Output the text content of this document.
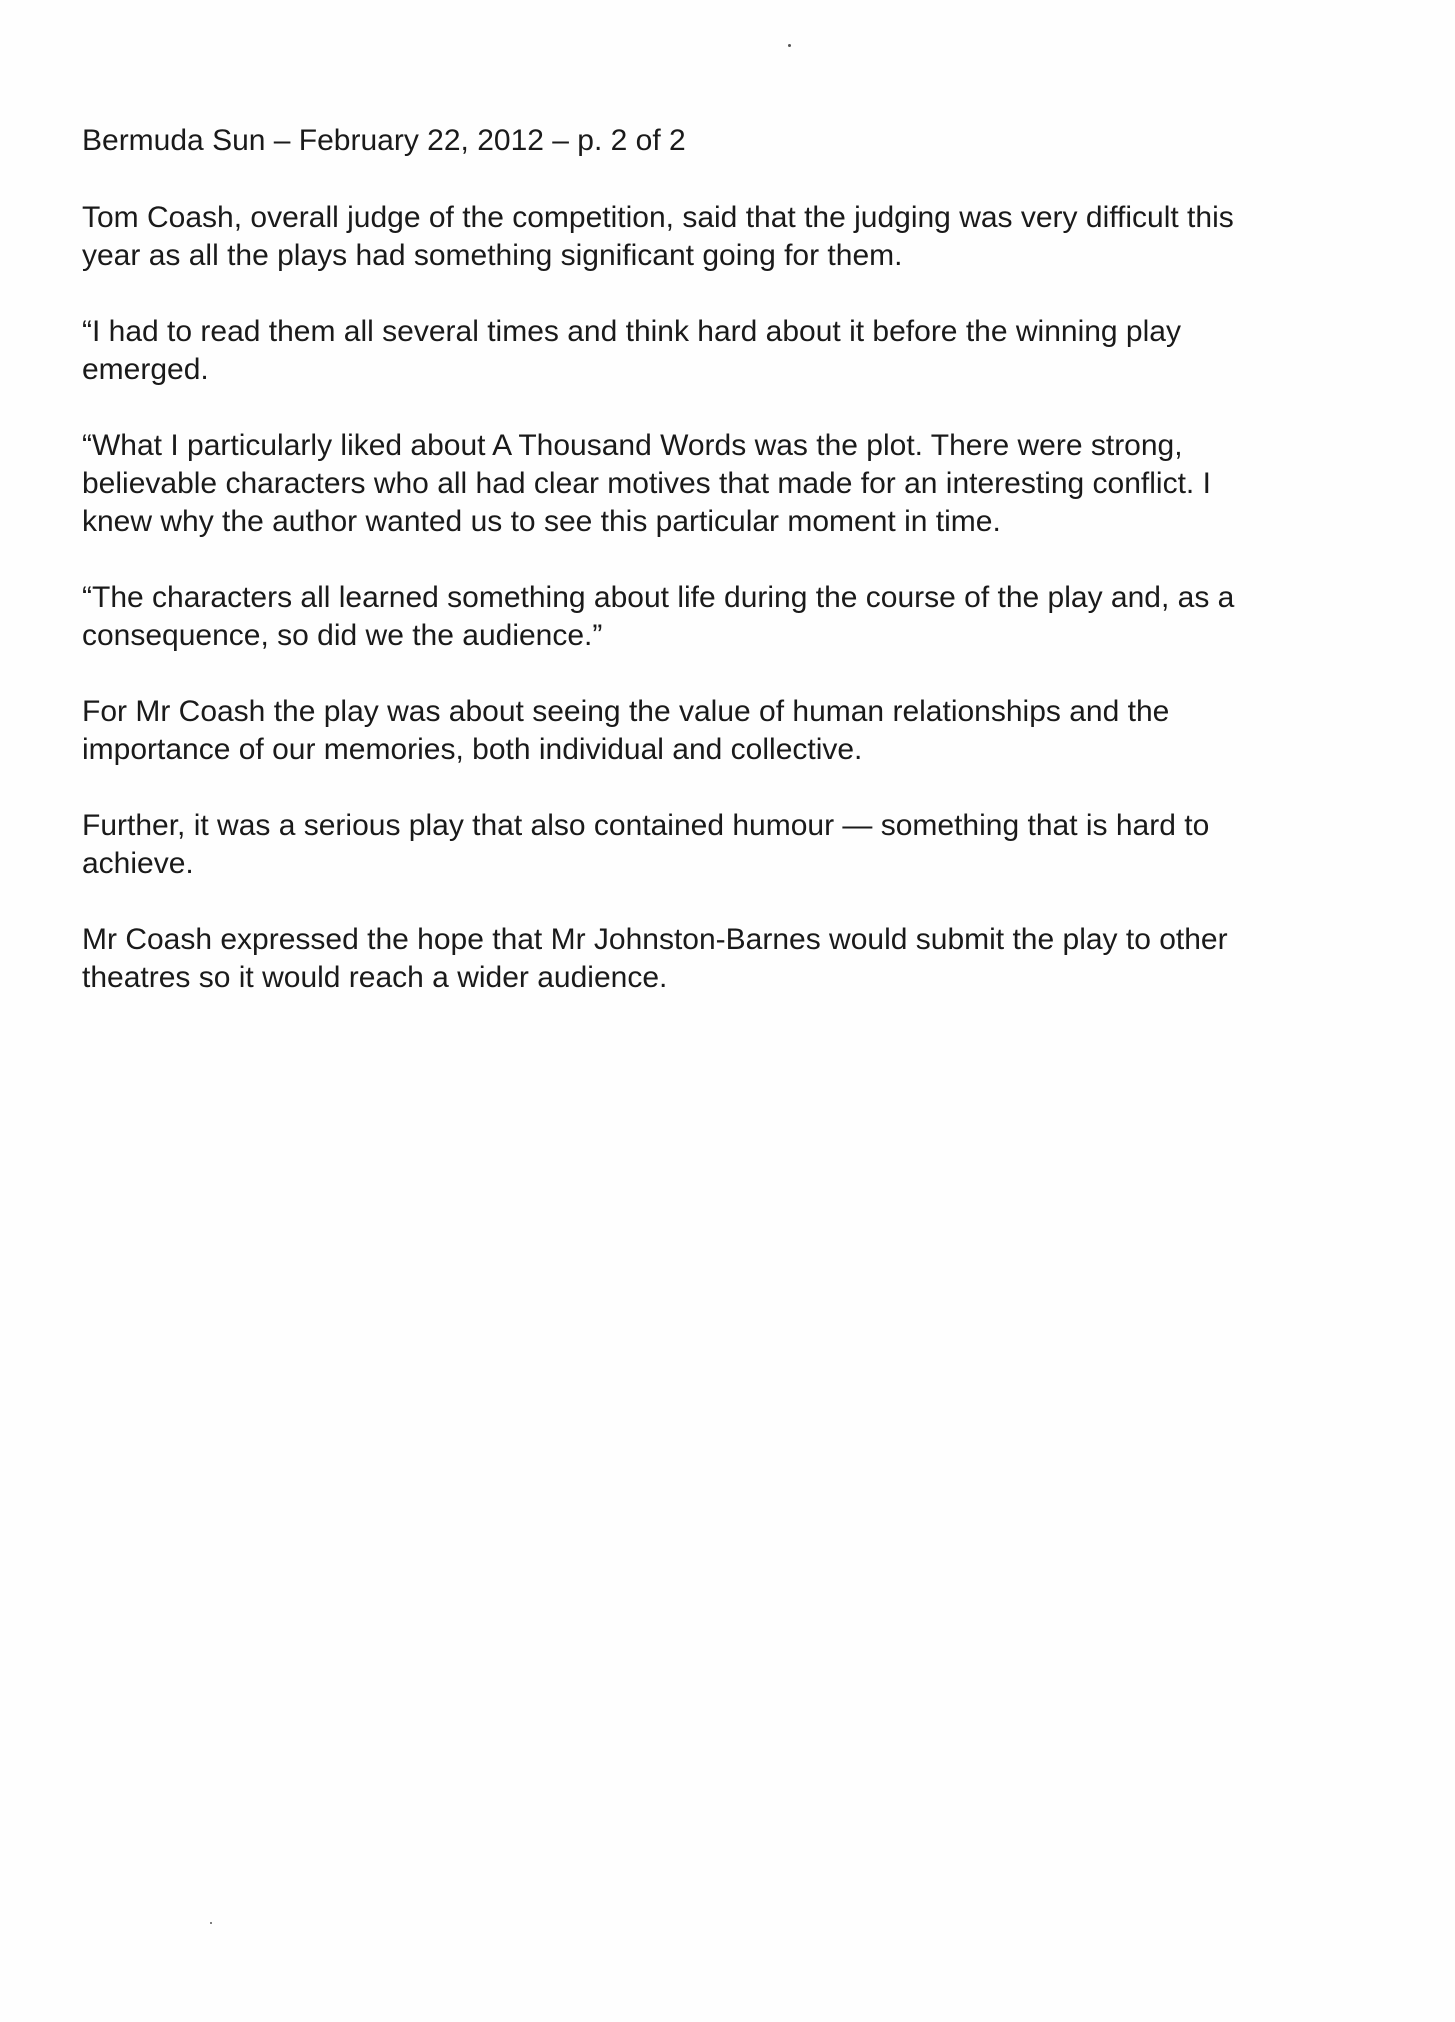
Bermuda Sun – February 22, 2012 – p. 2 of 2

Tom Coash, overall judge of the competition, said that the judging was very difficult this
year as all the plays had something significant going for them.

“I had to read them all several times and think hard about it before the winning play
emerged.

“What I particularly liked about A Thousand Words was the plot. There were strong,
believable characters who all had clear motives that made for an interesting conflict. I
knew why the author wanted us to see this particular moment in time.

“The characters all learned something about life during the course of the play and, as a
consequence, so did we the audience.”

For Mr Coash the play was about seeing the value of human relationships and the
importance of our memories, both individual and collective.

Further, it was a serious play that also contained humour — something that is hard to
achieve.

Mr Coash expressed the hope that Mr Johnston-Barnes would submit the play to other
theatres so it would reach a wider audience.
